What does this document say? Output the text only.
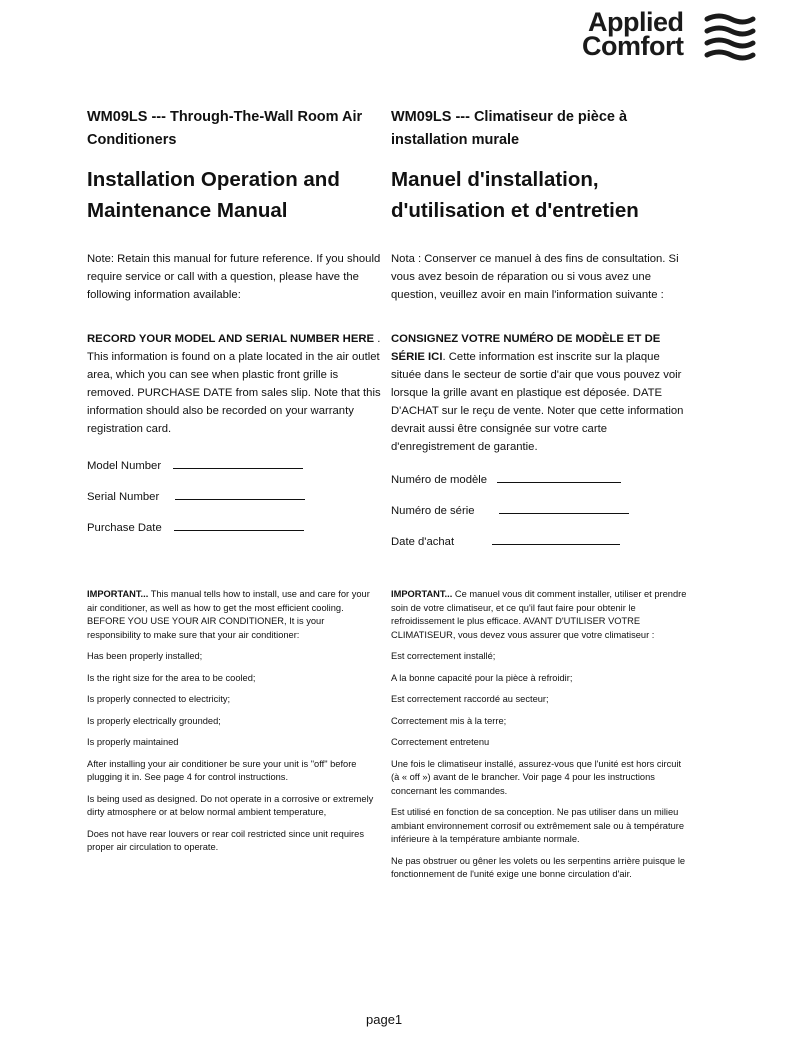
Applied
Comfort

WM09LS --- Through-The-Wall Room Air Conditioners

Installation Operation and Maintenance Manual

Note: Retain this manual for future reference. If you should require service or call with a question, please have the following information available:

RECORD YOUR MODEL AND SERIAL NUMBER HERE . This information is found on a plate located in the air outlet area, which you can see when plastic front grille is removed. PURCHASE DATE from sales slip. Note that this information should also be recorded on your warranty registration card.

Model Number
Serial Number
Purchase Date

WM09LS --- Climatiseur de pièce à installation murale

Manuel d'installation, d'utilisation et d'entretien

Nota : Conserver ce manuel à des fins de consultation. Si vous avez besoin de réparation ou si vous avez une question, veuillez avoir en main l'information suivante :

CONSIGNEZ VOTRE NUMÉRO DE MODÈLE ET DE SÉRIE ICI. Cette information est inscrite sur la plaque située dans le secteur de sortie d'air que vous pouvez voir lorsque la grille avant en plastique est déposée. DATE D'ACHAT sur le reçu de vente. Noter que cette information devrait aussi être consignée sur votre carte d'enregistrement de garantie.

Numéro de modèle
Numéro de série
Date d'achat

IMPORTANT... This manual tells how to install, use and care for your air conditioner, as well as how to get the most efficient cooling. BEFORE YOU USE YOUR AIR CONDITIONER, It is your responsibility to make sure that your air conditioner:

Has been properly installed;

Is the right size for the area to be cooled;

Is properly connected to electricity;

Is properly electrically grounded;

Is properly maintained

After installing your air conditioner be sure your unit is "off" before plugging it in. See page 4 for control instructions.

Is being used as designed. Do not operate in a corrosive or extremely dirty atmosphere or at below normal ambient temperature,

Does not have rear louvers or rear coil restricted since unit requires proper air circulation to operate.

IMPORTANT... Ce manuel vous dit comment installer, utiliser et prendre soin de votre climatiseur, et ce qu'il faut faire pour obtenir le refroidissement le plus efficace. AVANT D'UTILISER VOTRE CLIMATISEUR, vous devez vous assurer que votre climatiseur :

Est correctement installé;

A la bonne capacité pour la pièce à refroidir;

Est correctement raccordé au secteur;

Correctement mis à la terre;

Correctement entretenu

Une fois le climatiseur installé, assurez-vous que l'unité est hors circuit (à « off ») avant de le brancher. Voir page 4 pour les instructions concernant les commandes.

Est utilisé en fonction de sa conception. Ne pas utiliser dans un milieu ambiant environnement corrosif ou extrêmement sale ou à température inférieure à la température ambiante normale.

Ne pas obstruer ou gêner les volets ou les serpentins arrière puisque le fonctionnement de l'unité exige une bonne circulation d'air.

page1
